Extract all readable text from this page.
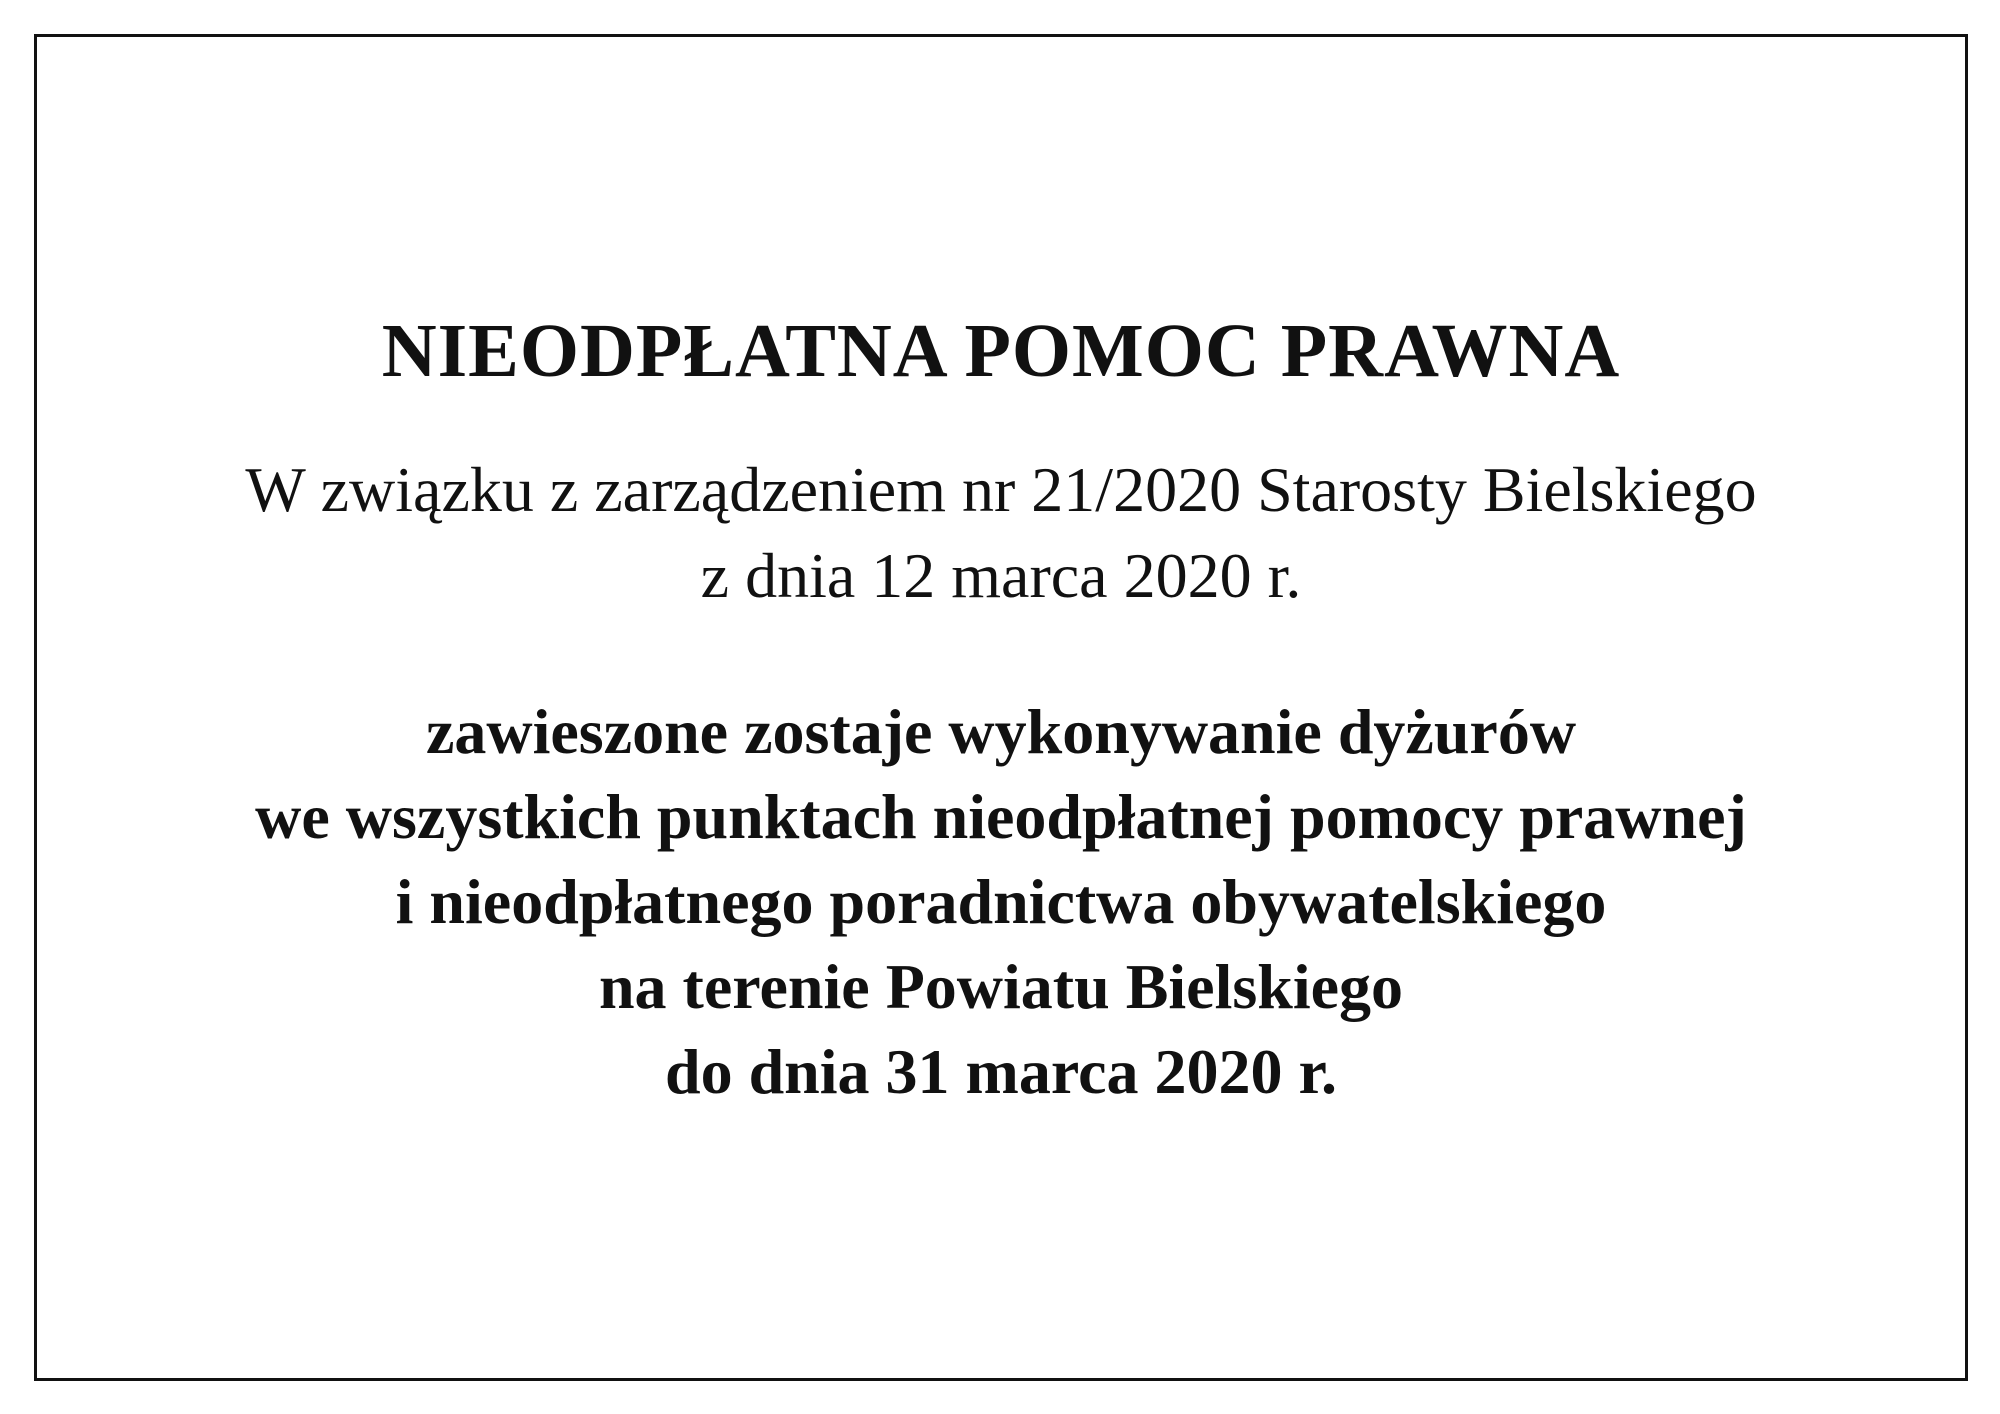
NIEODPŁATNA POMOC PRAWNA
W związku z zarządzeniem nr 21/2020 Starosty Bielskiego
z dnia 12 marca 2020 r.
zawieszone zostaje wykonywanie dyżurów
we wszystkich punktach nieodpłatnej pomocy prawnej
i nieodpłatnego poradnictwa obywatelskiego
na terenie Powiatu Bielskiego
do dnia 31 marca 2020 r.
